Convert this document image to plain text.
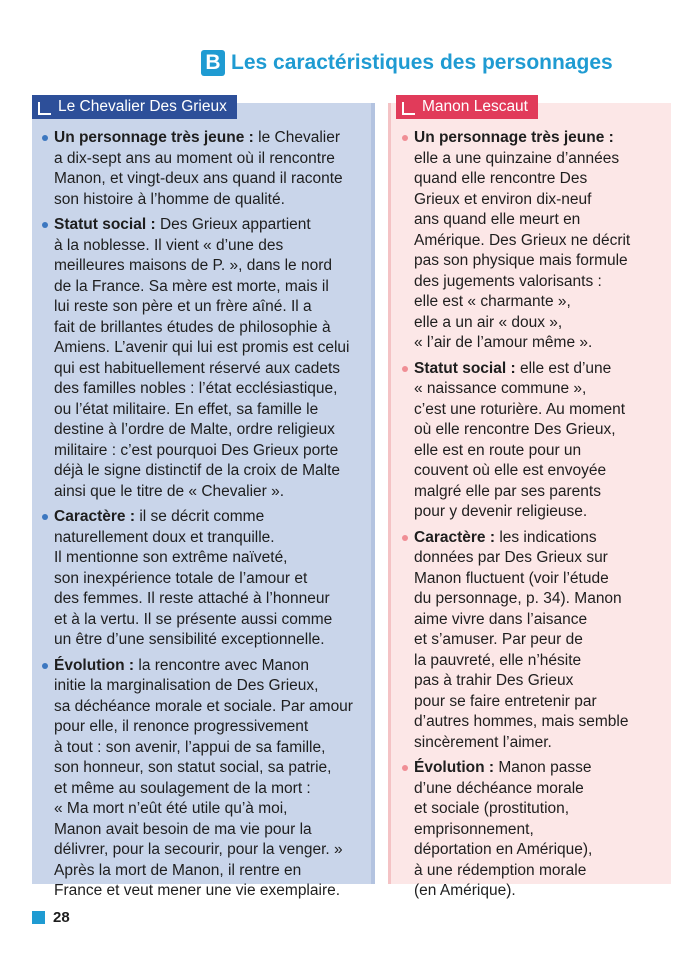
B Les caractéristiques des personnages
Le Chevalier Des Grieux
Un personnage très jeune : le Chevalier
a dix-sept ans au moment où il rencontre
Manon, et vingt-deux ans quand il raconte
son histoire à l’homme de qualité.
Statut social : Des Grieux appartient
à la noblesse. Il vient « d’une des
meilleures maisons de P. », dans le nord
de la France. Sa mère est morte, mais il
lui reste son père et un frère aîné. Il a
fait de brillantes études de philosophie à
Amiens. L’avenir qui lui est promis est celui
qui est habituellement réservé aux cadets
des familles nobles : l’état ecclésiastique,
ou l’état militaire. En effet, sa famille le
destine à l’ordre de Malte, ordre religieux
militaire : c’est pourquoi Des Grieux porte
déjà le signe distinctif de la croix de Malte
ainsi que le titre de « Chevalier ».
Caractère : il se décrit comme
naturellement doux et tranquille.
Il mentionne son extrême naïveté,
son inexpérience totale de l’amour et
des femmes. Il reste attaché à l’honneur
et à la vertu. Il se présente aussi comme
un être d’une sensibilité exceptionnelle.
Évolution : la rencontre avec Manon
initie la marginalisation de Des Grieux,
sa déchéance morale et sociale. Par amour
pour elle, il renonce progressivement
à tout : son avenir, l’appui de sa famille,
son honneur, son statut social, sa patrie,
et même au soulagement de la mort :
« Ma mort n’eût été utile qu’à moi,
Manon avait besoin de ma vie pour la
délivrer, pour la secourir, pour la venger. »
Après la mort de Manon, il rentre en
France et veut mener une vie exemplaire.
Manon Lescaut
Un personnage très jeune :
elle a une quinzaine d’années
quand elle rencontre Des
Grieux et environ dix-neuf
ans quand elle meurt en
Amérique. Des Grieux ne décrit
pas son physique mais formule
des jugements valorisants :
elle est « charmante »,
elle a un air « doux »,
« l’air de l’amour même ».
Statut social : elle est d’une
« naissance commune »,
c’est une roturière. Au moment
où elle rencontre Des Grieux,
elle est en route pour un
couvent où elle est envoyée
malgré elle par ses parents
pour y devenir religieuse.
Caractère : les indications
données par Des Grieux sur
Manon fluctuent (voir l’étude
du personnage, p. 34). Manon
aime vivre dans l’aisance
et s’amuser. Par peur de
la pauvreté, elle n’hésite
pas à trahir Des Grieux
pour se faire entretenir par
d’autres hommes, mais semble
sincèrement l’aimer.
Évolution : Manon passe
d’une déchéance morale
et sociale (prostitution,
emprisonnement,
déportation en Amérique),
à une rédemption morale
(en Amérique).
28
